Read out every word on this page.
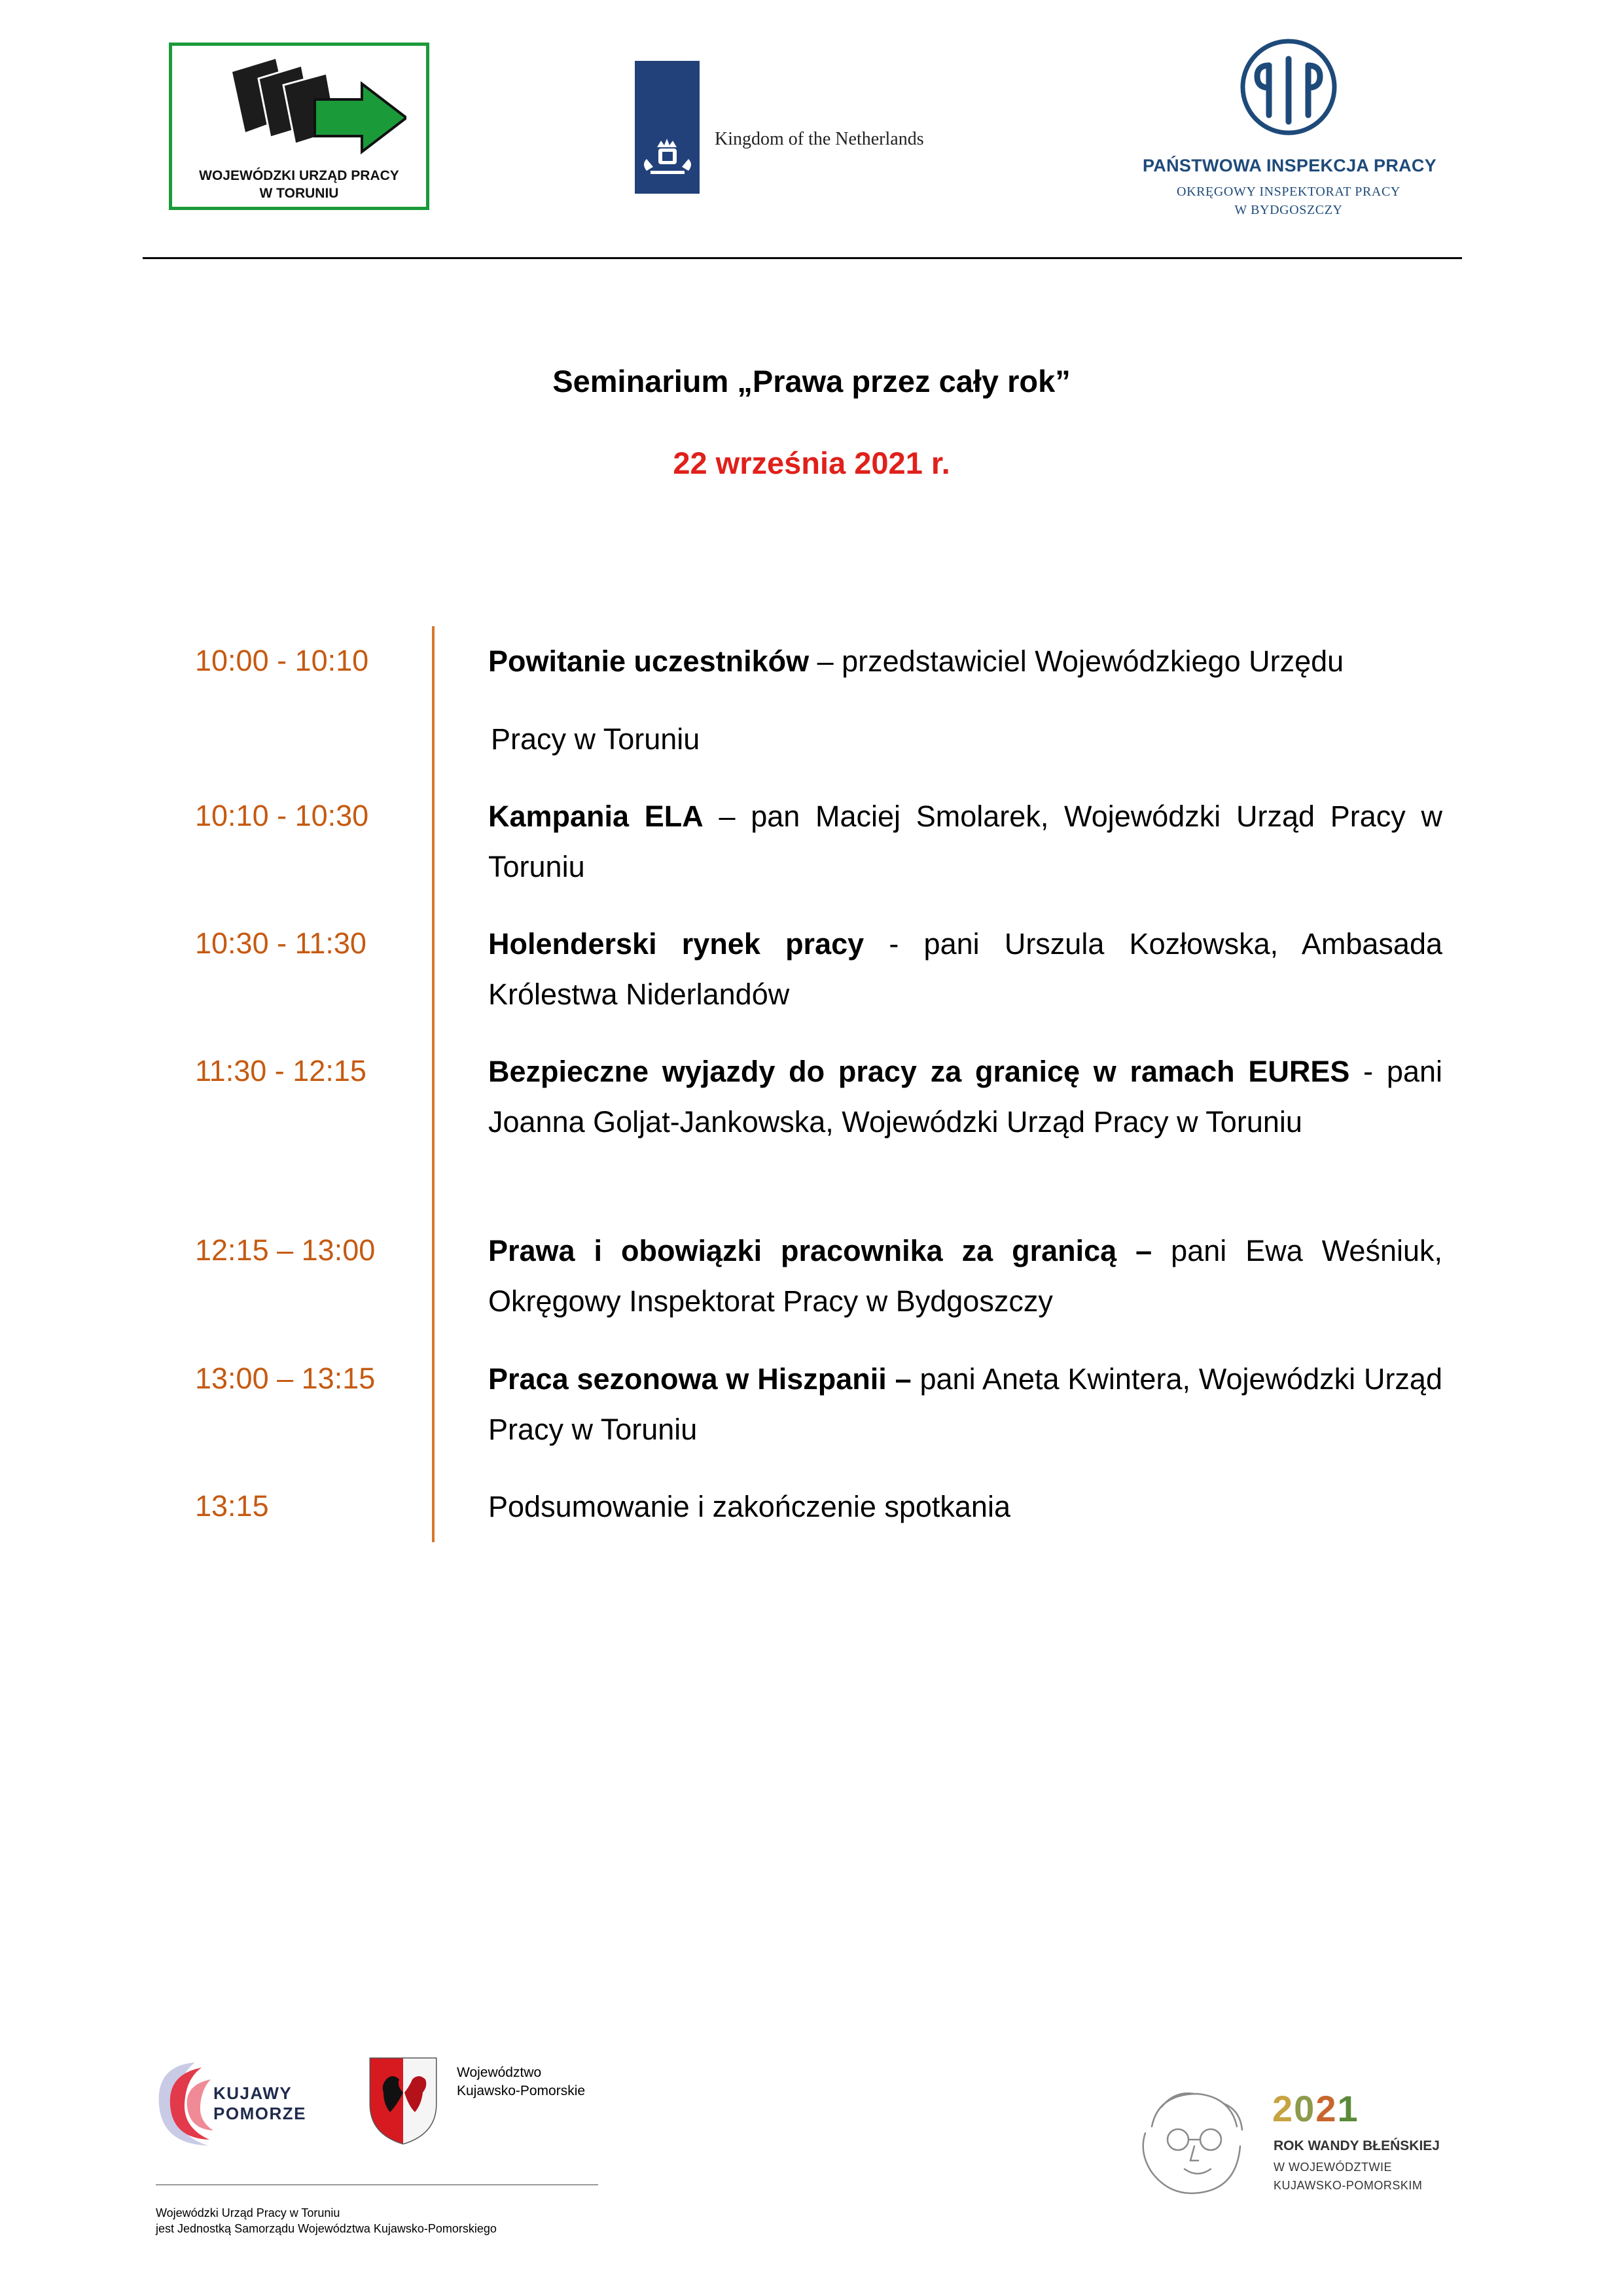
WOJEWÓDZKI URZĄD PRACY
W TORUNIU
Kingdom of the Netherlands
PAŃSTWOWA INSPEKCJA PRACY
OKRĘGOWY INSPEKTORAT PRACY
W BYDGOSZCZY
Seminarium „Prawa przez cały rok”
22 września 2021 r.
10:00 - 10:10	Powitanie uczestników – przedstawiciel Wojewódzkiego Urzędu
Pracy w Toruniu
10:10 - 10:30	Kampania ELA – pan Maciej Smolarek, Wojewódzki Urząd Pracy w Toruniu
10:30 - 11:30	Holenderski rynek pracy - pani Urszula Kozłowska, Ambasada Królestwa Niderlandów
11:30 - 12:15	Bezpieczne wyjazdy do pracy za granicę w ramach EURES - pani Joanna Goljat-Jankowska, Wojewódzki Urząd Pracy w Toruniu
12:15 – 13:00	Prawa i obowiązki pracownika za granicą – pani Ewa Weśniuk, Okręgowy Inspektorat Pracy w Bydgoszczy
13:00 – 13:15	Praca sezonowa w Hiszpanii – pani Aneta Kwintera, Wojewódzki Urząd Pracy w Toruniu
13:15	Podsumowanie i zakończenie spotkania
KUJAWY
POMORZE
Województwo
Kujawsko-Pomorskie
Wojewódzki Urząd Pracy w Toruniu
jest Jednostką Samorządu Województwa Kujawsko-Pomorskiego
2021
ROK WANDY BŁEŃSKIEJ
W WOJEWÓDZTWIE
KUJAWSKO-POMORSKIM
